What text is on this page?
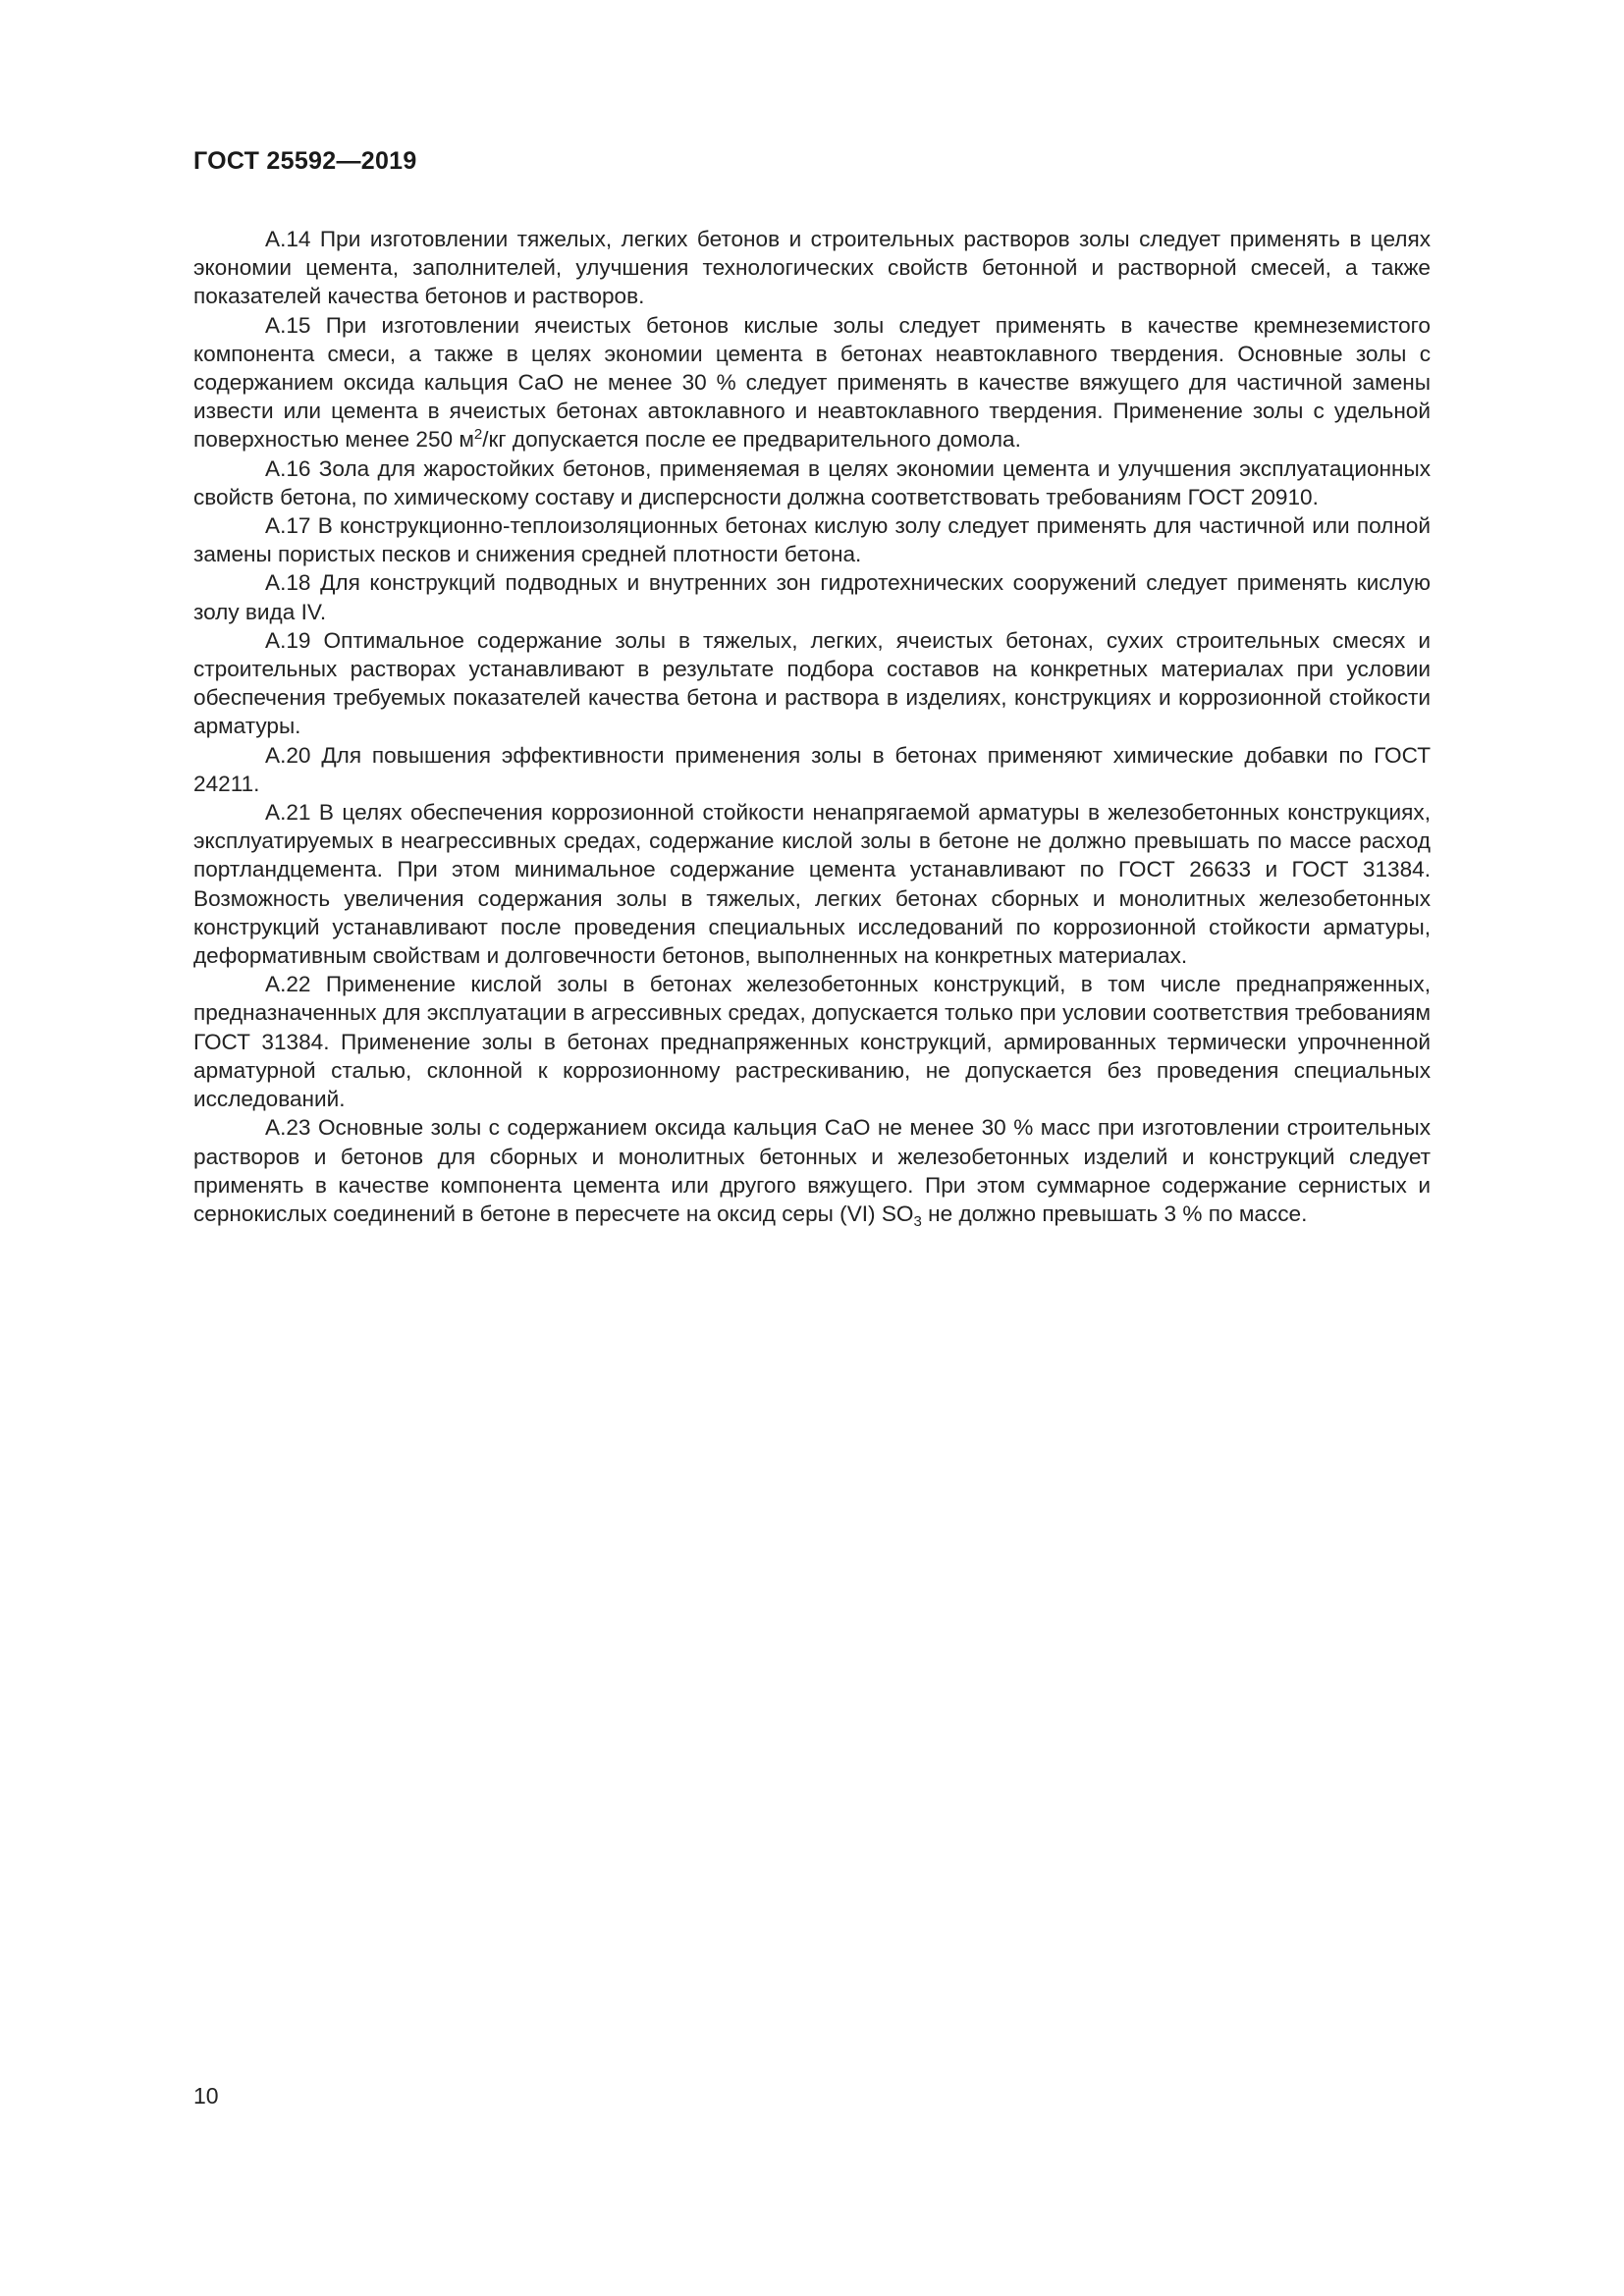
ГОСТ 25592—2019

А.14 При изготовлении тяжелых, легких бетонов и строительных растворов золы следует применять в целях экономии цемента, заполнителей, улучшения технологических свойств бетонной и растворной смесей, а также показателей качества бетонов и растворов.

А.15 При изготовлении ячеистых бетонов кислые золы следует применять в качестве кремнеземистого компонента смеси, а также в целях экономии цемента в бетонах неавтоклавного твердения. Основные золы с содержанием оксида кальция СаО не менее 30 % следует применять в качестве вяжущего для частичной замены извести или цемента в ячеистых бетонах автоклавного и неавтоклавного твердения. Применение золы с удельной поверхностью менее 250 $м^2/кг$ допускается после ее предварительного домола.

А.16 Зола для жаростойких бетонов, применяемая в целях экономии цемента и улучшения эксплуатационных свойств бетона, по химическому составу и дисперсности должна соответствовать требованиям ГОСТ 20910.

А.17 В конструкционно-теплоизоляционных бетонах кислую золу следует применять для частичной или полной замены пористых песков и снижения средней плотности бетона.

А.18 Для конструкций подводных и внутренних зон гидротехнических сооружений следует применять кислую золу вида IV.

А.19 Оптимальное содержание золы в тяжелых, легких, ячеистых бетонах, сухих строительных смесях и строительных растворах устанавливают в результате подбора составов на конкретных материалах при условии обеспечения требуемых показателей качества бетона и раствора в изделиях, конструкциях и коррозионной стойкости арматуры.

А.20 Для повышения эффективности применения золы в бетонах применяют химические добавки по ГОСТ 24211.

А.21 В целях обеспечения коррозионной стойкости ненапрягаемой арматуры в железобетонных конструкциях, эксплуатируемых в неагрессивных средах, содержание кислой золы в бетоне не должно превышать по массе расход портландцемента. При этом минимальное содержание цемента устанавливают по ГОСТ 26633 и ГОСТ 31384. Возможность увеличения содержания золы в тяжелых, легких бетонах сборных и монолитных железобетонных конструкций устанавливают после проведения специальных исследований по коррозионной стойкости арматуры, деформативным свойствам и долговечности бетонов, выполненных на конкретных материалах.

А.22 Применение кислой золы в бетонах железобетонных конструкций, в том числе преднапряженных, предназначенных для эксплуатации в агрессивных средах, допускается только при условии соответствия требованиям ГОСТ 31384. Применение золы в бетонах преднапряженных конструкций, армированных термически упрочненной арматурной сталью, склонной к коррозионному растрескиванию, не допускается без проведения специальных исследований.

А.23 Основные золы с содержанием оксида кальция СаО не менее 30 % масс при изготовлении строительных растворов и бетонов для сборных и монолитных бетонных и железобетонных изделий и конструкций следует применять в качестве компонента цемента или другого вяжущего. При этом суммарное содержание сернистых и сернокислых соединений в бетоне в пересчете на оксид серы (VI) $SO_3$ не должно превышать 3 % по массе.

10
